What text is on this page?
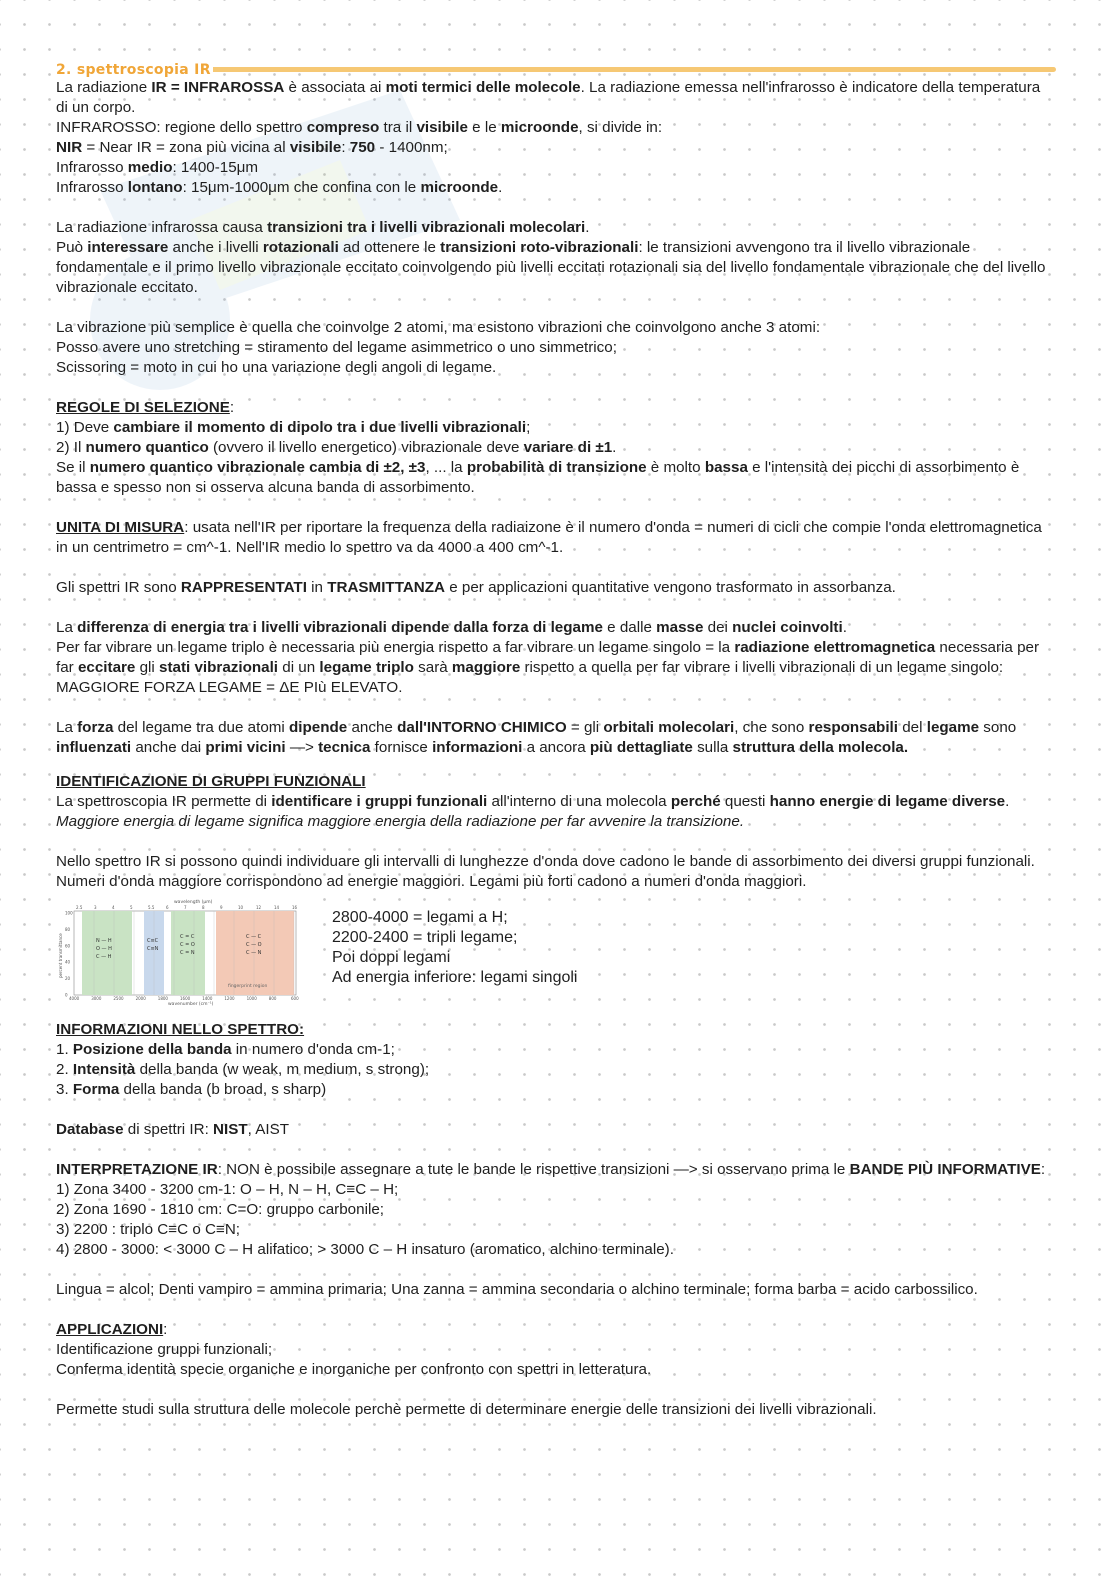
2. spettroscopia IR

La radiazione IR = INFRAROSSA è associata ai moti termici delle molecole. La radiazione emessa nell'infrarosso è indicatore della temperatura di un corpo.

INFRAROSSO: regione dello spettro compreso tra il visibile e le microonde, si divide in:

NIR = Near IR = zona più vicina al visibile: 750 - 1400nm;

Infrarosso medio: 1400-15μm

Infrarosso lontano: 15μm-1000μm che confina con le microonde.

La radiazione infrarossa causa transizioni tra i livelli vibrazionali molecolari.

Può interessare anche i livelli rotazionali ad ottenere le transizioni roto-vibrazionali: le transizioni avvengono tra il livello vibrazionale fondamentale e il primo livello vibrazionale eccitato coinvolgendo più livelli eccitati rotazionali sia del livello fondamentale vibrazionale che del livello vibrazionale eccitato.

La vibrazione più semplice è quella che coinvolge 2 atomi, ma esistono vibrazioni che coinvolgono anche 3 atomi:

Posso avere uno stretching = stiramento del legame asimmetrico o uno simmetrico;

Scissoring = moto in cui ho una variazione degli angoli di legame.

REGOLE DI SELEZIONE:

1) Deve cambiare il momento di dipolo tra i due livelli vibrazionali;

2) Il numero quantico (ovvero il livello energetico) vibrazionale deve variare di ±1.

Se il numero quantico vibrazionale cambia di ±2, ±3, ... la probabilità di transizione è molto bassa e l'intensità dei picchi di assorbimento è bassa e spesso non si osserva alcuna banda di assorbimento.

UNITA DI MISURA: usata nell'IR per riportare la frequenza della radiaizone è il numero d'onda = numeri di cicli che compie l'onda elettromagnetica in un centrimetro = cm^-1. Nell'IR medio lo spettro va da 4000 a 400 cm^-1.

Gli spettri IR sono RAPPRESENTATI in TRASMITTANZA e per applicazioni quantitative vengono trasformato in assorbanza.

La differenza di energia tra i livelli vibrazionali dipende dalla forza di legame e dalle masse dei nuclei coinvolti.

Per far vibrare un legame triplo è necessaria più energia rispetto a far vibrare un legame singolo = la radiazione elettromagnetica necessaria per far eccitare gli stati vibrazionali di un legame triplo sarà maggiore rispetto a quella per far vibrare i livelli vibrazionali di un legame singolo: MAGGIORE FORZA LEGAME = ΔE PIù ELEVATO.

La forza del legame tra due atomi dipende anche dall'INTORNO CHIMICO = gli orbitali molecolari, che sono responsabili del legame sono influenzati anche dai primi vicini —> tecnica fornisce informazioni a ancora più dettagliate sulla struttura della molecola.

IDENTIFICAZIONE DI GRUPPI FUNZIONALI

La spettroscopia IR permette di identificare i gruppi funzionali all'interno di una molecola perché questi hanno energie di legame diverse. Maggiore energia di legame significa maggiore energia della radiazione per far avvenire la transizione.

Nello spettro IR si possono quindi individuare gli intervalli di lunghezze d'onda dove cadono le bande di assorbimento dei diversi gruppi funzionali. Numeri d'onda maggiore corrispondono ad energie maggiori. Legami più forti cadono a numeri d'onda maggiori.

wavelength (μm)
2.5	3	4	5	5.5	6	7	8	9	10	12	14	16
N — H
O — H
C — H
C≡C
C≡N
C = C
C = O
C = N
C — C
C — O
C — N
fingerprint region
100
80
60
40
20
0
percent transmittance
4000	3000	2500	2000	1800	1600	1400	1200	1000	800	600
wavenumber (cm⁻¹)
2800-4000 = legami a H;
2200-2400 = tripli legame;
Poi doppi legami
Ad energia inferiore: legami singoli

INFORMAZIONI NELLO SPETTRO:

1. Posizione della banda in numero d'onda cm-1;

2. Intensità della banda (w weak, m medium, s strong);

3. Forma della banda (b broad, s sharp)

Database di spettri IR: NIST, AIST

INTERPRETAZIONE IR: NON è possibile assegnare a tute le bande le rispettive transizioni —> si osservano prima le BANDE PIÙ INFORMATIVE:

1) Zona 3400 - 3200 cm-1: O – H, N – H, C≡C – H;

2) Zona 1690 - 1810 cm: C=O: gruppo carbonile;

3) 2200 : triplo C≡C o C≡N;

4) 2800 - 3000: < 3000 C – H alifatico; > 3000 C – H insaturo (aromatico, alchino terminale).

Lingua = alcol; Denti vampiro = ammina primaria; Una zanna = ammina secondaria o alchino terminale; forma barba = acido carbossilico.

APPLICAZIONI:

Identificazione gruppi funzionali;

Conferma identità specie organiche e inorganiche per confronto con spettri in letteratura.

Permette studi sulla struttura delle molecole perchè permette di determinare energie delle transizioni dei livelli vibrazionali.
